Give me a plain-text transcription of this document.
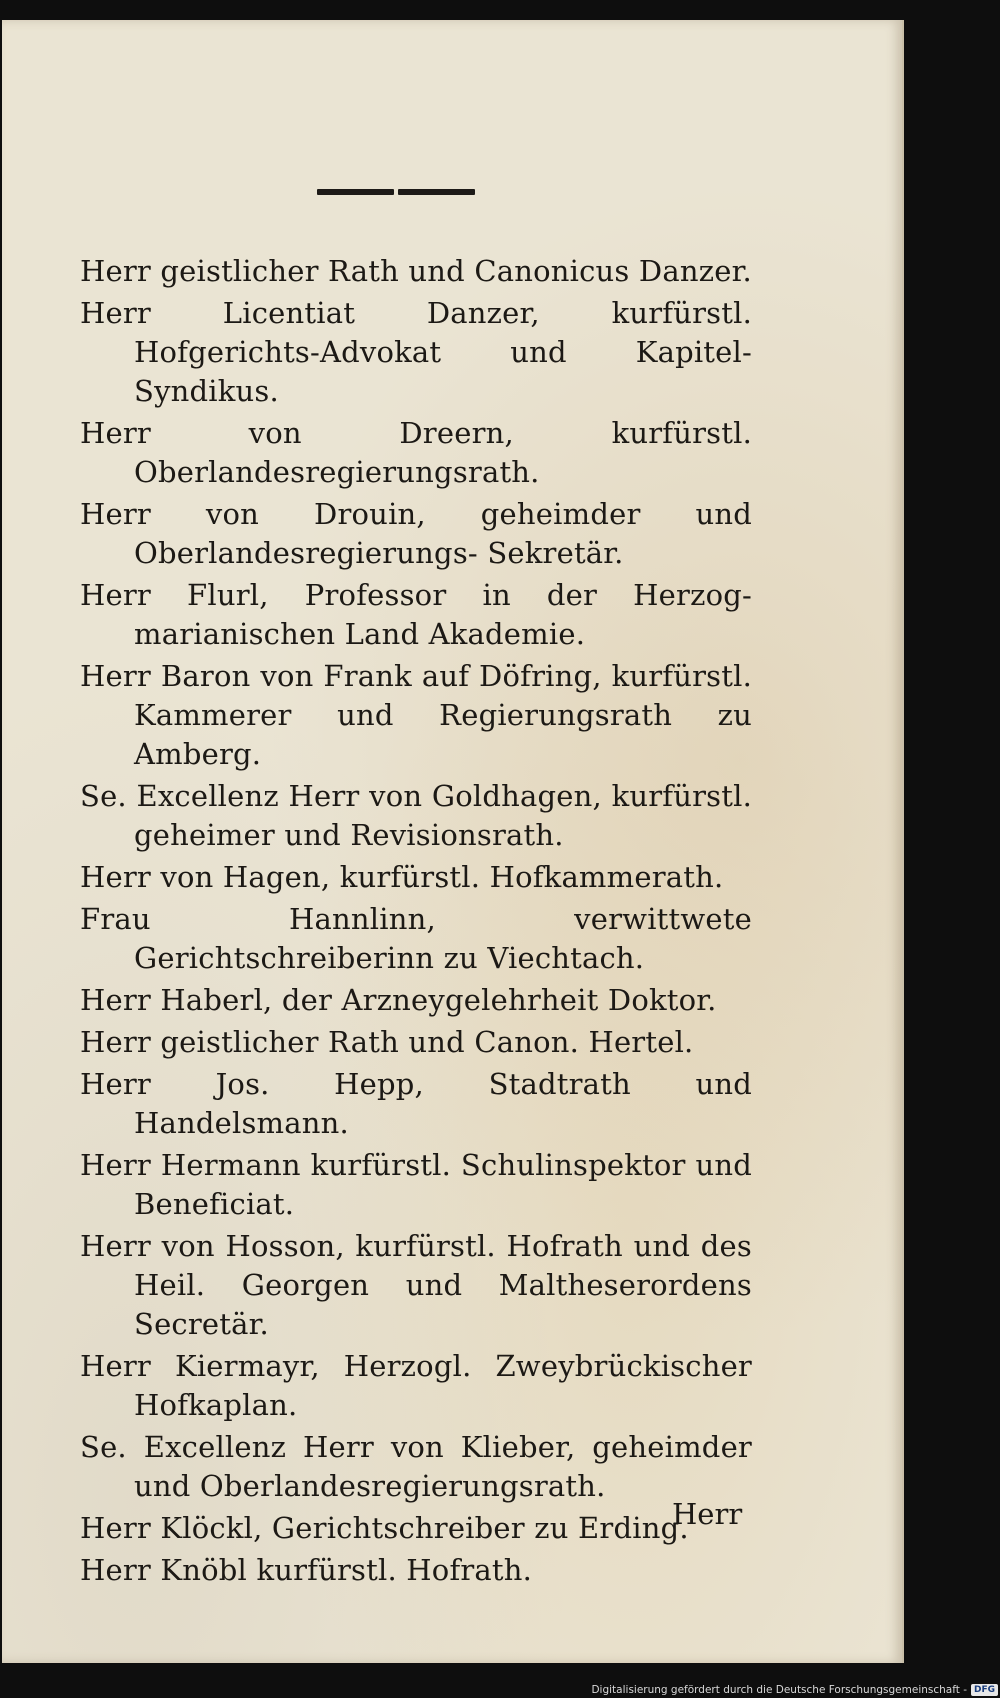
Herr geistlicher Rath und Canonicus Danzer.
Herr Licentiat Danzer, kurfürstl. Hofgerichts-Advokat und Kapitel-Syndikus.
Herr von Dreern, kurfürstl. Oberlandesregierungsrath.
Herr von Drouin, geheimder und Oberlandesregierungs- Sekretär.
Herr Flurl, Professor in der Herzog- marianischen Land Akademie.
Herr Baron von Frank auf Döfring, kurfürstl. Kammerer und Regierungsrath zu Amberg.
Se. Excellenz Herr von Goldhagen, kurfürstl. geheimer und Revisionsrath.
Herr von Hagen, kurfürstl. Hofkammerath.
Frau Hannlinn, verwittwete Gerichtschreiberinn zu Viechtach.
Herr Haberl, der Arzneygelehrheit Doktor.
Herr geistlicher Rath und Canon. Hertel.
Herr Jos. Hepp, Stadtrath und Handelsmann.
Herr Hermann kurfürstl. Schulinspektor und Beneficiat.
Herr von Hosson, kurfürstl. Hofrath und des Heil. Georgen und Maltheserordens Secretär.
Herr Kiermayr, Herzogl. Zweybrückischer Hofkaplan.
Se. Excellenz Herr von Klieber, geheimder und Oberlandesregierungsrath.
Herr Klöckl, Gerichtschreiber zu Erding.
Herr Knöbl kurfürstl. Hofrath.
Herr
Digitalisierung gefördert durch die Deutsche Forschungsgemeinschaft - DFG
